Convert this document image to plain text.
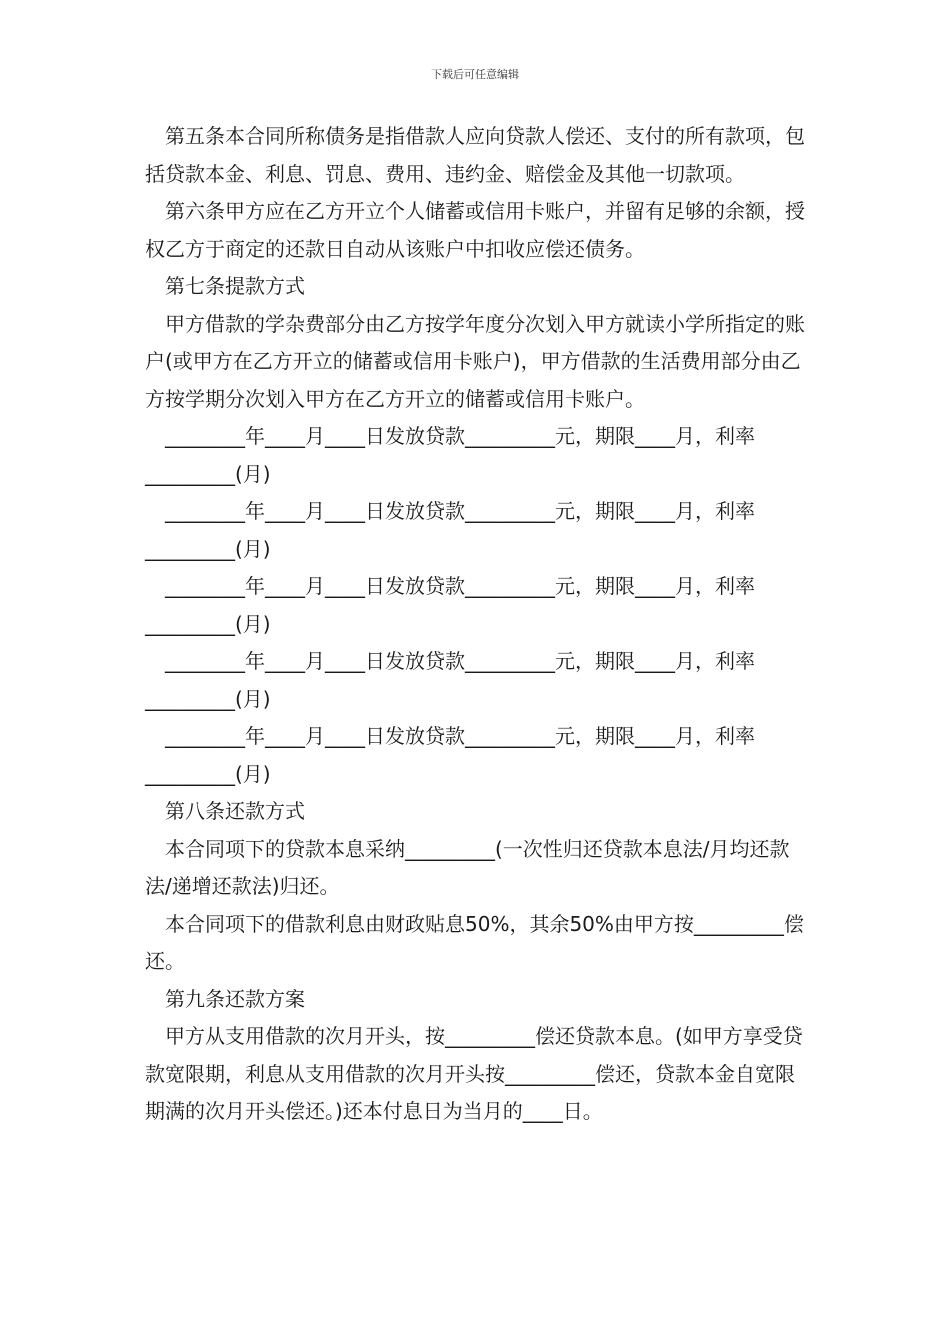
下载后可任意编辑

第五条本合同所称债务是指借款人应向贷款人偿还、支付的所有款项，包括贷款本金、利息、罚息、费用、违约金、赔偿金及其他一切款项。

第六条甲方应在乙方开立个人储蓄或信用卡账户，并留有足够的余额，授权乙方于商定的还款日自动从该账户中扣收应偿还债务。

第七条提款方式

甲方借款的学杂费部分由乙方按学年度分次划入甲方就读小学所指定的账户(或甲方在乙方开立的储蓄或信用卡账户)，甲方借款的生活费用部分由乙方按学期分次划入甲方在乙方开立的储蓄或信用卡账户。

________年____月____日发放贷款_________元，期限____月，利率_________(月)

________年____月____日发放贷款_________元，期限____月，利率_________(月)

________年____月____日发放贷款_________元，期限____月，利率_________(月)

________年____月____日发放贷款_________元，期限____月，利率_________(月)

________年____月____日发放贷款_________元，期限____月，利率_________(月)

第八条还款方式

本合同项下的贷款本息采纳_________(一次性归还贷款本息法/月均还款法/递增还款法)归还。

本合同项下的借款利息由财政贴息50%，其余50%由甲方按_________偿还。

第九条还款方案

甲方从支用借款的次月开头，按_________偿还贷款本息。(如甲方享受贷款宽限期，利息从支用借款的次月开头按_________偿还，贷款本金自宽限期满的次月开头偿还。)还本付息日为当月的____日。
